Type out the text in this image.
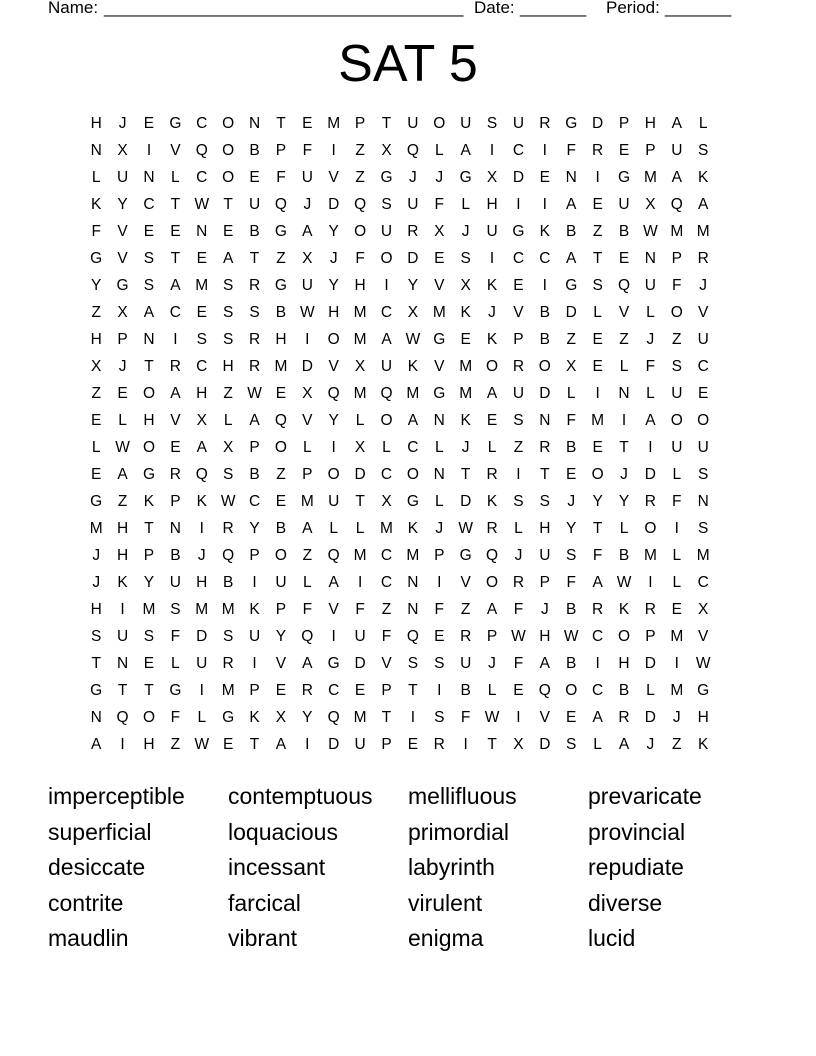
Name: ______________________________________ Date: _______ Period: _______
SAT 5
H	J	E G C O N	T	E M P	T	U O U	S	U R G D	P	H	A	L
N	X	I	V Q O B	P	F	I	Z	X Q	L	A	I	C	I	F	R	E	P	U	S
L	U N	L	C O E	F	U	V	Z	G	J	J	G X	D	E	N	I	G M A	K
K	Y	C	T W T	U Q	J	D Q S	U	F	L	H	I	I	A	E	U	X Q A
F	V	E	E	N	E	B G A	Y O U R	X	J	U G K	B	Z	B W M M
G V	S	T	E	A	T	Z	X	J	F	O D	E	S	I	C C	A	T	E	N	P	R
Y G S	A M S	R G U	Y	H	I	Y	V	X	K	E	I	G S Q U	F	J
Z	X	A	C	E	S	S	B W H M C	X M K	J	V	B	D	L	V	L	O V
H	P	N	I	S	S	R H	I	O M A W G E	K	P	B	Z	E	Z	J	Z	U
X	J	T	R C H R M D	V	X	U	K	V M O R O X	E	L	F	S	C
Z	E O A	H	Z W E	X Q M Q M G M A	U D	L	I	N	L	U	E
E	L	H	V	X	L	A Q V	Y	L	O A	N	K	E	S	N	F M	I	A O O
L W O E	A	X	P O	L	I	X	L	C	L	J	L	Z	R	B	E	T	I	U U
E	A G R Q S	B	Z	P O D C O N	T	R	I	T	E O	J	D	L	S
G	Z	K	P	K W C	E M U	T	X G	L	D	K	S	S	J	Y	Y	R	F	N
M H	T	N	I	R	Y	B	A	L	L	M K	J W R	L	H	Y	T	L	O	I	S
J	H	P	B	J	Q P O	Z	Q M C M P G Q	J	U	S	F	B M	L	M
J	K	Y	U H	B	I	U	L	A	I	C N	I	V O R	P	F	A W	I	L	C
H	I	M S M M K	P	F	V	F	Z	N	F	Z	A	F	J	B	R	K	R	E	X
S	U	S	F	D	S	U	Y Q	I	U	F	Q E	R	P W H W C O P M V
T	N	E	L	U R	I	V	A G D	V	S	S	U	J	F	A	B	I	H D	I	W
G	T	T	G	I	M P	E	R C	E	P	T	I	B	L	E Q O C	B	L	M G
N Q O	F	L	G K	X	Y Q M T	I	S	F W	I	V	E	A	R D	J	H
A	I	H	Z W E	T	A	I	D U	P	E	R	I	T	X	D	S	L	A	J	Z	K
imperceptible	contemptuous	mellifluous	prevaricate
superficial	loquacious	primordial	provincial
desiccate	incessant	labyrinth	repudiate
contrite	farcical	virulent	diverse
maudlin	vibrant	enigma	lucid
